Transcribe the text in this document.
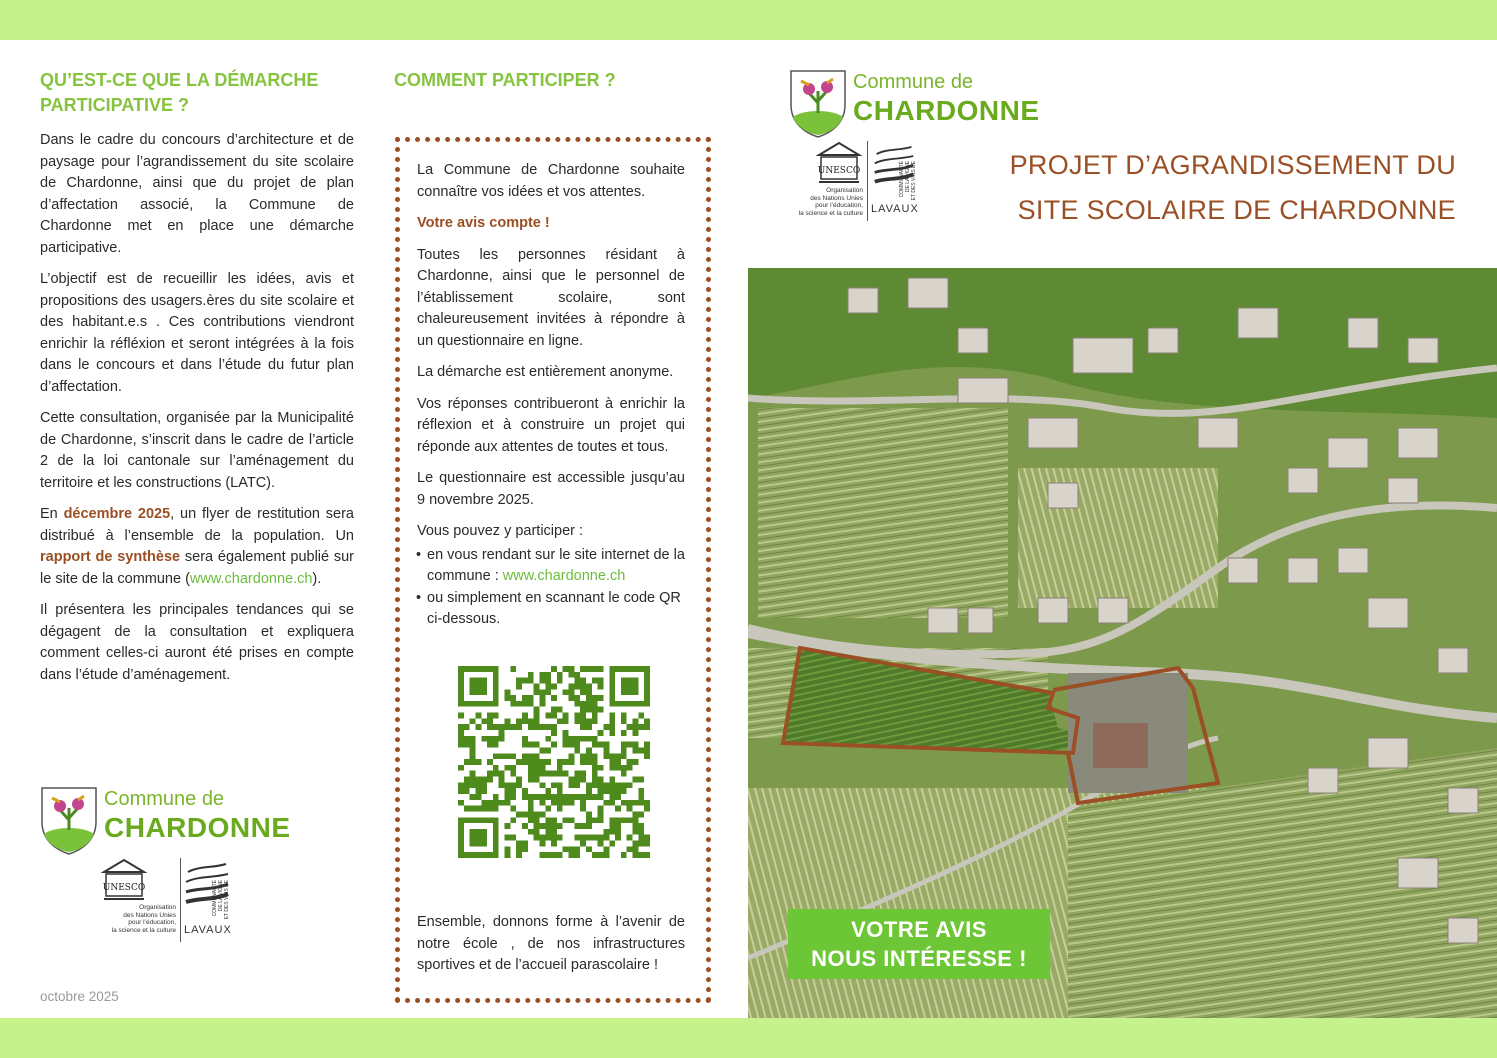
QU’EST-CE QUE LA DÉMARCHE PARTICIPATIVE ?

Dans le cadre du concours d’architecture et de paysage pour l’agrandissement du site scolaire de Chardonne, ainsi que du projet de plan d’affectation associé, la Commune de Chardonne met en place une démarche participative.

L’objectif est de recueillir les idées, avis et propositions des usagers.ères du site scolaire et des habitant.e.s . Ces contributions viendront enrichir la réfléxion et seront intégrées à la fois dans le concours et dans l’étude du futur plan d’affectation.

Cette consultation, organisée par la Municipalité de Chardonne, s’inscrit dans le cadre de l’article 2 de la loi cantonale sur l’aménagement du territoire et les constructions (LATC).

En décembre 2025, un flyer de restitution sera distribué à l’ensemble de la population. Un rapport de synthèse sera également publié sur le site de la commune (www.chardonne.ch).

Il présentera les principales tendances qui se dégagent de la consultation et expliquera comment celles-ci auront été prises en compte dans l’étude d’aménagement.

Commune de
CHARDONNE
UNESCO
Organisation
des Nations Unies
pour l’éducation,
la science et la culture
COMMUNAUTÉ DE LA VIGNE ET DES VINS DE
LAVAUX
octobre 2025
COMMENT PARTICIPER ?

La Commune de Chardonne souhaite connaître vos idées et vos attentes.

Votre avis compte !

Toutes les personnes résidant à Chardonne, ainsi que le personnel de l’établissement scolaire, sont chaleureusement invitées à répondre à un questionnaire en ligne.

La démarche est entièrement anonyme.

Vos réponses contribueront à enrichir la réflexion et à construire un projet qui réponde aux attentes de toutes et tous.

Le questionnaire est accessible jusqu’au 9 novembre 2025.

Vous pouvez y participer :

• en vous rendant sur le site internet de la commune : www.chardonne.ch
• ou simplement en scannant le code QR ci-dessous.

Ensemble, donnons forme à l’avenir de notre école , de nos infrastructures sportives et de l’accueil parascolaire !

Commune de
CHARDONNE
UNESCO
Organisation
des Nations Unies
pour l’éducation,
la science et la culture
COMMUNAUTÉ DE LA VIGNE ET DES VINS DE
LAVAUX
PROJET D’AGRANDISSEMENT DU
SITE SCOLAIRE DE CHARDONNE
VOTRE AVIS
NOUS INTÉRESSE !
